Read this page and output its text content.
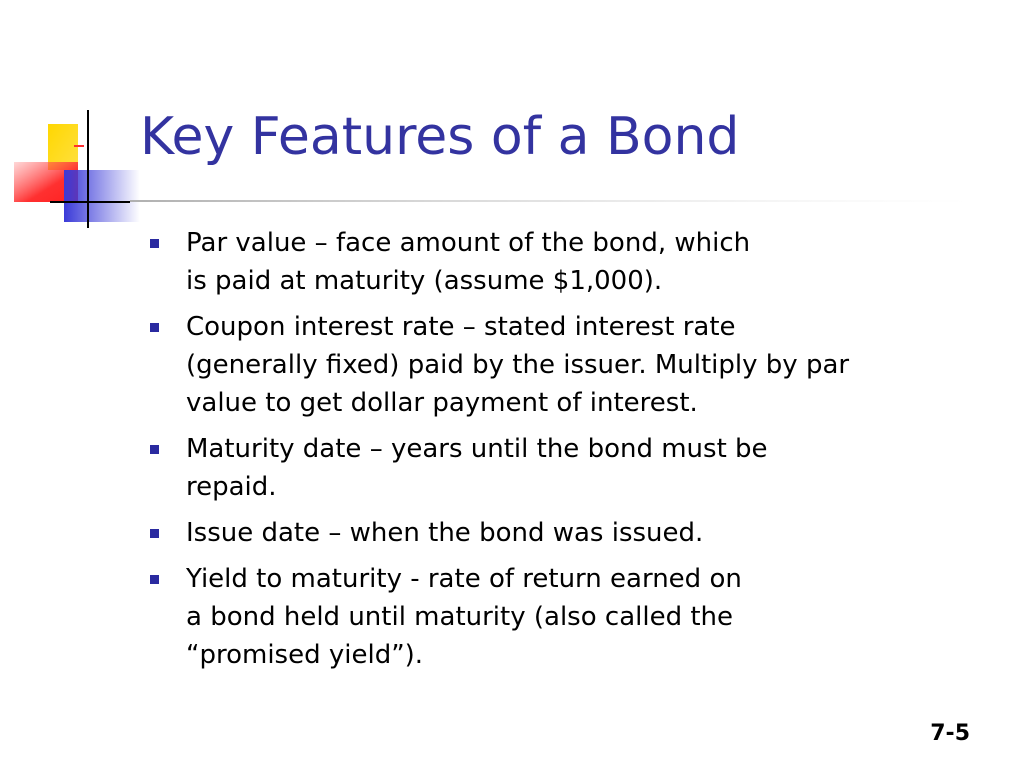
Key Features of a Bond
Par value – face amount of the bond, which
is paid at maturity (assume $1,000).
Coupon interest rate – stated interest rate
(generally fixed) paid by the issuer. Multiply by par
value to get dollar payment of interest.
Maturity date – years until the bond must be
repaid.
Issue date – when the bond was issued.
Yield to maturity - rate of return earned on
a bond held until maturity (also called the
“promised yield”).
7-5
